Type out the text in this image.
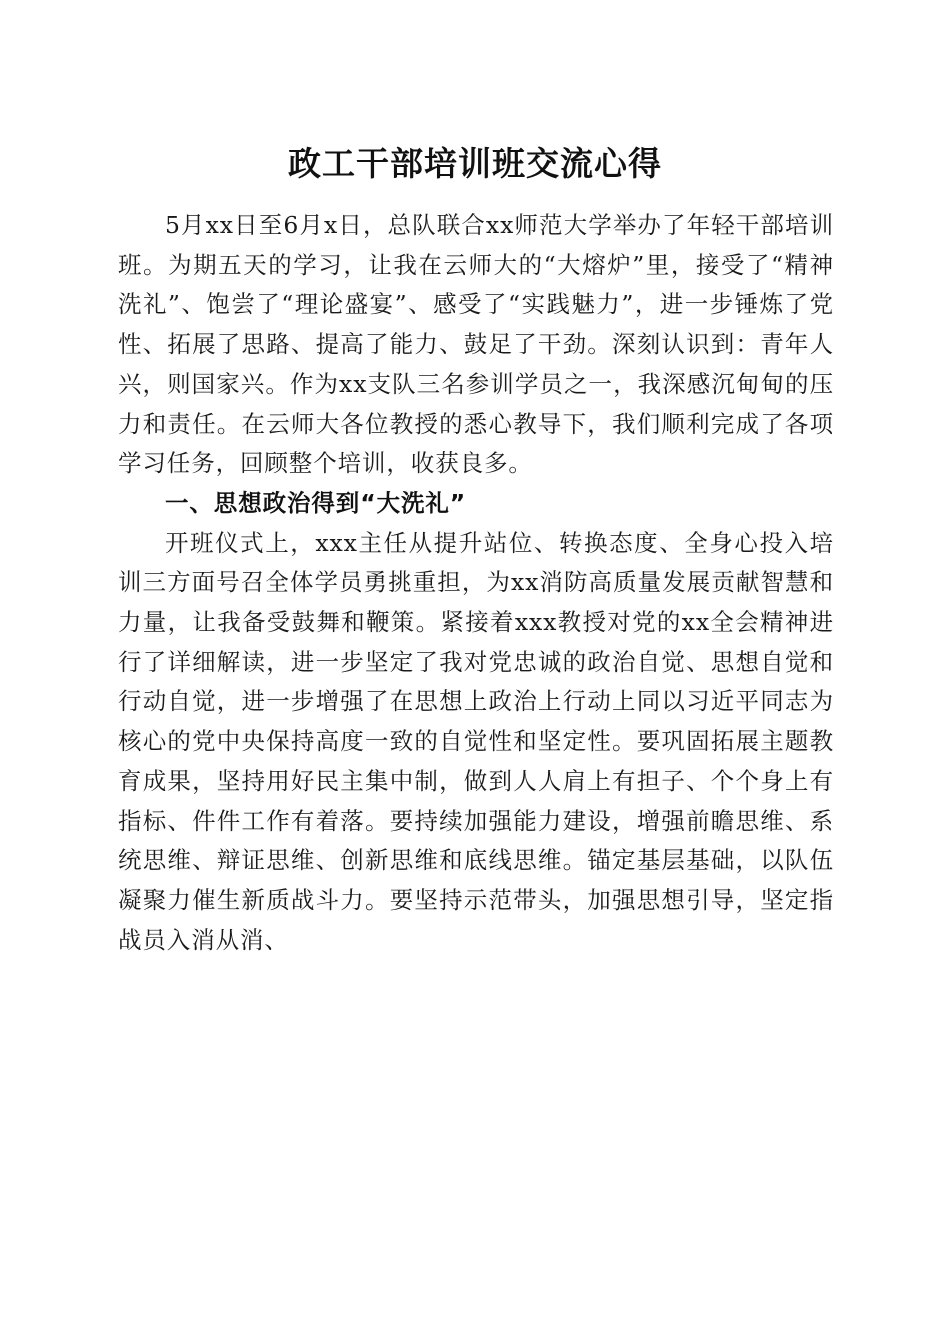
政工干部培训班交流心得

5月xx日至6月x日，总队联合xx师范大学举办了年轻干部培训班。为期五天的学习，让我在云师大的“大熔炉”里，接受了“精神洗礼”、饱尝了“理论盛宴”、感受了“实践魅力”，进一步锤炼了党性、拓展了思路、提高了能力、鼓足了干劲。深刻认识到：青年人兴，则国家兴。作为xx支队三名参训学员之一，我深感沉甸甸的压力和责任。在云师大各位教授的悉心教导下，我们顺利完成了各项学习任务，回顾整个培训，收获良多。

一、思想政治得到“大洗礼”

开班仪式上，xxx主任从提升站位、转换态度、全身心投入培训三方面号召全体学员勇挑重担，为xx消防高质量发展贡献智慧和力量，让我备受鼓舞和鞭策。紧接着xxx教授对党的xx全会精神进行了详细解读，进一步坚定了我对党忠诚的政治自觉、思想自觉和行动自觉，进一步增强了在思想上政治上行动上同以习近平同志为核心的党中央保持高度一致的自觉性和坚定性。要巩固拓展主题教育成果，坚持用好民主集中制，做到人人肩上有担子、个个身上有指标、件件工作有着落。要持续加强能力建设，增强前瞻思维、系统思维、辩证思维、创新思维和底线思维。锚定基层基础，以队伍凝聚力催生新质战斗力。要坚持示范带头，加强思想引导，坚定指战员入消从消、
